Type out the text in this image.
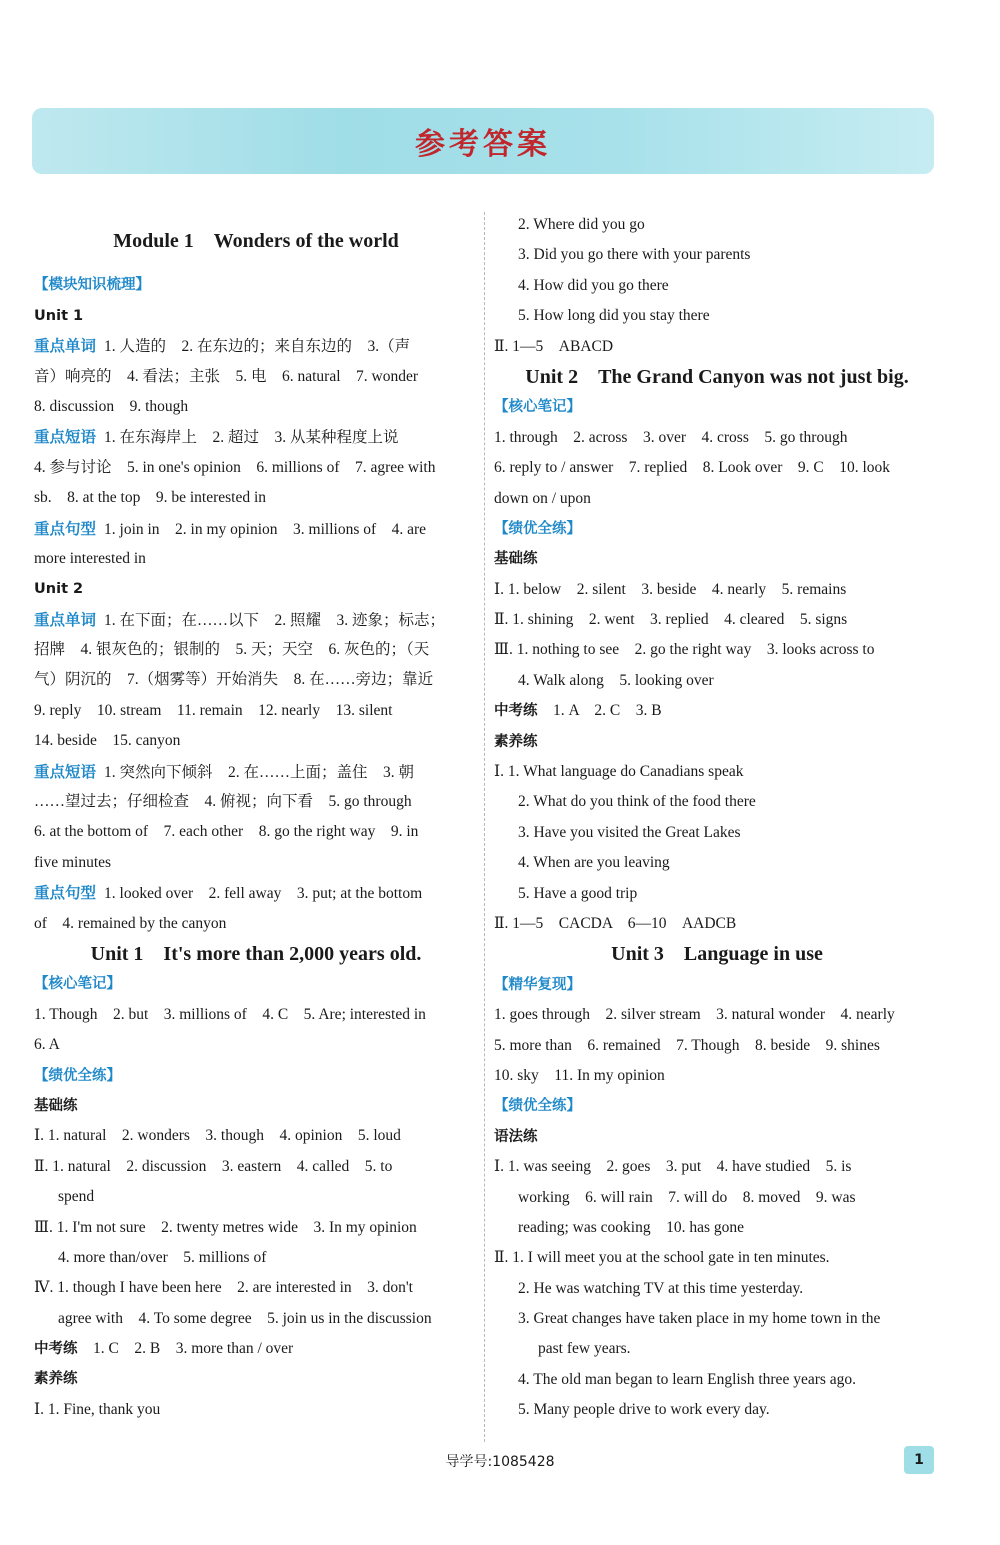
参考答案
Module 1　Wonders of the world
【模块知识梳理】
Unit 1
重点单词 1. 人造的　2. 在东边的；来自东边的　3.（声
音）响亮的　4. 看法；主张　5. 电　6. natural　7. wonder
8. discussion　9. though
重点短语 1. 在东海岸上　2. 超过　3. 从某种程度上说
4. 参与讨论　5. in one's opinion　6. millions of　7. agree with
sb.　8. at the top　9. be interested in
重点句型 1. join in　2. in my opinion　3. millions of　4. are
more interested in
Unit 2
重点单词 1. 在下面；在……以下　2. 照耀　3. 迹象；标志；
招牌　4. 银灰色的；银制的　5. 天；天空　6. 灰色的；（天
气）阴沉的　7.（烟雾等）开始消失　8. 在……旁边；靠近
9. reply　10. stream　11. remain　12. nearly　13. silent
14. beside　15. canyon
重点短语 1. 突然向下倾斜　2. 在……上面；盖住　3. 朝
……望过去；仔细检查　4. 俯视；向下看　5. go through
6. at the bottom of　7. each other　8. go the right way　9. in
five minutes
重点句型 1. looked over　2. fell away　3. put; at the bottom
of　4. remained by the canyon
Unit 1　It's more than 2,000 years old.
【核心笔记】
1. Though　2. but　3. millions of　4. C　5. Are; interested in
6. A
【绩优全练】
基础练
Ⅰ. 1. natural　2. wonders　3. though　4. opinion　5. loud
Ⅱ. 1. natural　2. discussion　3. eastern　4. called　5. to
spend
Ⅲ. 1. I'm not sure　2. twenty metres wide　3. In my opinion
4. more than/over　5. millions of
Ⅳ. 1. though I have been here　2. are interested in　3. don't
agree with　4. To some degree　5. join us in the discussion
中考练　 1. C　2. B　3. more than / over
素养练
Ⅰ. 1. Fine, thank you
2. Where did you go
3. Did you go there with your parents
4. How did you go there
5. How long did you stay there
Ⅱ. 1—5　ABACD
Unit 2　The Grand Canyon was not just big.
【核心笔记】
1. through　2. across　3. over　4. cross　5. go through
6. reply to / answer　7. replied　8. Look over　9. C　10. look
down on / upon
【绩优全练】
基础练
Ⅰ. 1. below　2. silent　3. beside　4. nearly　5. remains
Ⅱ. 1. shining　2. went　3. replied　4. cleared　5. signs
Ⅲ. 1. nothing to see　2. go the right way　3. looks across to
4. Walk along　5. looking over
中考练　 1. A　2. C　3. B
素养练
Ⅰ. 1. What language do Canadians speak
2. What do you think of the food there
3. Have you visited the Great Lakes
4. When are you leaving
5. Have a good trip
Ⅱ. 1—5　CACDA　6—10　AADCB
Unit 3　Language in use
【精华复现】
1. goes through　2. silver stream　3. natural wonder　4. nearly
5. more than　6. remained　7. Though　8. beside　9. shines
10. sky　11. In my opinion
【绩优全练】
语法练
Ⅰ. 1. was seeing　2. goes　3. put　4. have studied　5. is
working　6. will rain　7. will do　8. moved　9. was
reading; was cooking　10. has gone
Ⅱ. 1. I will meet you at the school gate in ten minutes.
2. He was watching TV at this time yesterday.
3. Great changes have taken place in my home town in the
past few years.
4. The old man began to learn English three years ago.
5. Many people drive to work every day.
导学号:1085428	1
